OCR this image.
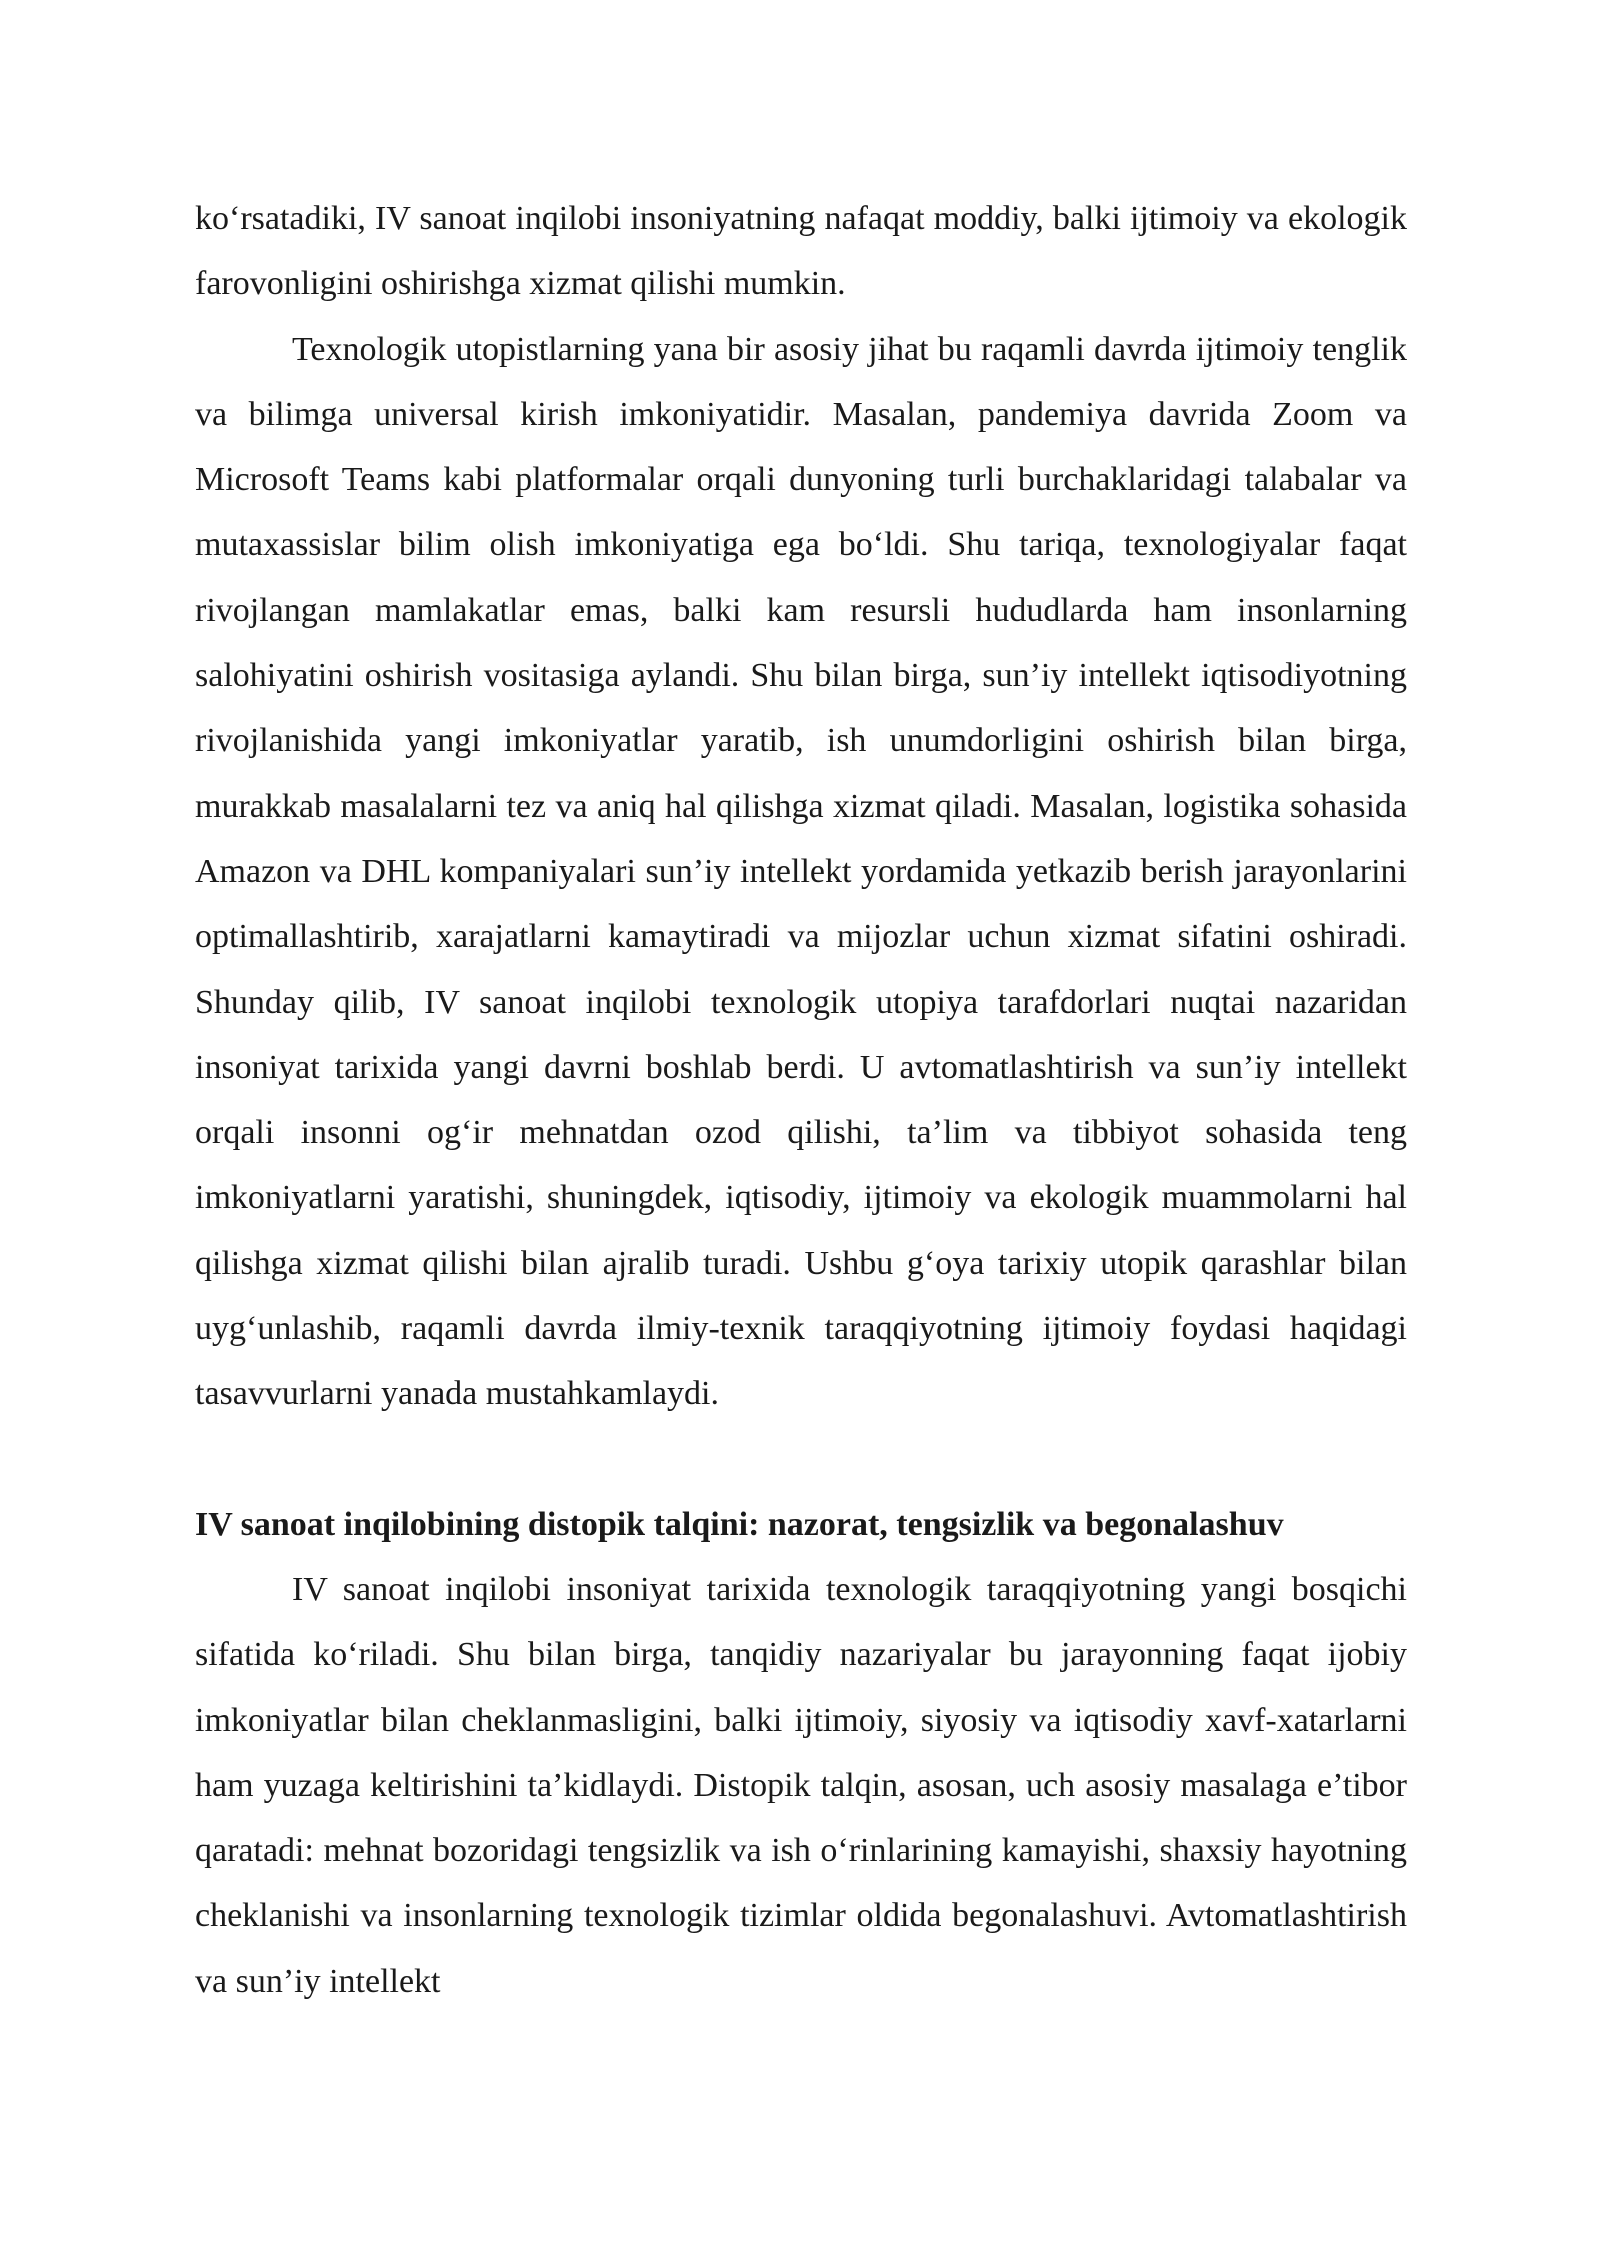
ko‘rsatadiki, IV sanoat inqilobi insoniyatning nafaqat moddiy, balki ijtimoiy va ekologik farovonligini oshirishga xizmat qilishi mumkin.

Texnologik utopistlarning yana bir asosiy jihat bu raqamli davrda ijtimoiy tenglik va bilimga universal kirish imkoniyatidir. Masalan, pandemiya davrida Zoom va Microsoft Teams kabi platformalar orqali dunyoning turli burchaklaridagi talabalar va mutaxassislar bilim olish imkoniyatiga ega bo‘ldi. Shu tariqa, texnologiyalar faqat rivojlangan mamlakatlar emas, balki kam resursli hududlarda ham insonlarning salohiyatini oshirish vositasiga aylandi. Shu bilan birga, sun’iy intellekt iqtisodiyotning rivojlanishida yangi imkoniyatlar yaratib, ish unumdorligini oshirish bilan birga, murakkab masalalarni tez va aniq hal qilishga xizmat qiladi. Masalan, logistika sohasida Amazon va DHL kompaniyalari sun’iy intellekt yordamida yetkazib berish jarayonlarini optimallashtirib, xarajatlarni kamaytiradi va mijozlar uchun xizmat sifatini oshiradi. Shunday qilib, IV sanoat inqilobi texnologik utopiya tarafdorlari nuqtai nazaridan insoniyat tarixida yangi davrni boshlab berdi. U avtomatlashtirish va sun’iy intellekt orqali insonni og‘ir mehnatdan ozod qilishi, ta’lim va tibbiyot sohasida teng imkoniyatlarni yaratishi, shuningdek, iqtisodiy, ijtimoiy va ekologik muammolarni hal qilishga xizmat qilishi bilan ajralib turadi. Ushbu g‘oya tarixiy utopik qarashlar bilan uyg‘unlashib, raqamli davrda ilmiy-texnik taraqqiyotning ijtimoiy foydasi haqidagi tasavvurlarni yanada mustahkamlaydi.

IV sanoat inqilobining distopik talqini: nazorat, tengsizlik va begonalashuv

IV sanoat inqilobi insoniyat tarixida texnologik taraqqiyotning yangi bosqichi sifatida ko‘riladi. Shu bilan birga, tanqidiy nazariyalar bu jarayonning faqat ijobiy imkoniyatlar bilan cheklanmasligini, balki ijtimoiy, siyosiy va iqtisodiy xavf-xatarlarni ham yuzaga keltirishini ta’kidlaydi. Distopik talqin, asosan, uch asosiy masalaga e’tibor qaratadi: mehnat bozoridagi tengsizlik va ish o‘rinlarining kamayishi, shaxsiy hayotning cheklanishi va insonlarning texnologik tizimlar oldida begonalashuvi. Avtomatlashtirish va sun’iy intellekt
